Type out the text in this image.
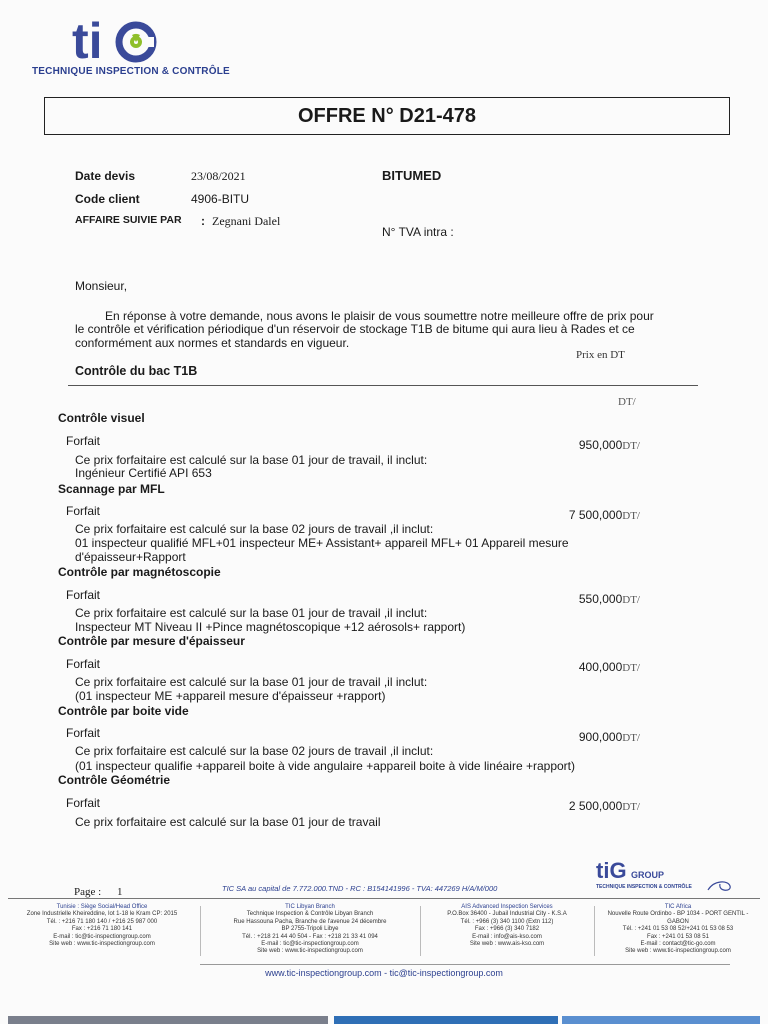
ti
TECHNIQUE INSPECTION & CONTRÔLE
OFFRE N° D21-478
Date devis	23/08/2021
Code client	4906-BITU
AFFAIRE SUIVIE PAR : Zegnani Dalel
BITUMED
N° TVA intra :
Monsieur,
En réponse à votre demande, nous avons le plaisir de vous soumettre notre meilleure offre de prix pour
le contrôle et vérification périodique d'un réservoir de stockage T1B de bitume qui aura lieu à Rades et ce
conformément aux normes et standards en vigueur.
Prix en DT
Contrôle du bac T1B
DT/
Contrôle visuel
Forfait	950,000DT/
Ce prix forfaitaire est calculé sur la base 01 jour de travail, il inclut:
Ingénieur Certifié API 653
Scannage par MFL
Forfait	7 500,000DT/
Ce prix forfaitaire est calculé sur la base 02 jours de travail ,il inclut:
01 inspecteur qualifié MFL+01 inspecteur ME+ Assistant+ appareil MFL+ 01 Appareil mesure
d'épaisseur+Rapport
Contrôle par magnétoscopie
Forfait	550,000DT/
Ce prix forfaitaire est calculé sur la base 01 jour de travail ,il inclut:
Inspecteur MT Niveau II +Pince magnétoscopique +12 aérosols+ rapport)
Contrôle par mesure d'épaisseur
Forfait	400,000DT/
Ce prix forfaitaire est calculé sur la base 01 jour de travail ,il inclut:
(01 inspecteur ME +appareil mesure d'épaisseur +rapport)
Contrôle par boite vide
Forfait	900,000DT/
Ce prix forfaitaire est calculé sur la base 02 jours de travail ,il inclut:
(01 inspecteur qualifie +appareil boite à vide angulaire +appareil boite à vide linéaire +rapport)
Contrôle Géométrie
Forfait	2 500,000DT/
Ce prix forfaitaire est calculé sur la base 01 jour de travail
Page : 1	TIC SA au capital de 7.772.000.TND - RC : B154141996 - TVA: 447269 H/A/M/000
tiG GROUP
TECHNIQUE INSPECTION & CONTRÔLE
Tunisie : Siège Social/Head Office
Zone Industrielle Kheireddine, lot 1-18 le Kram CP: 2015
Tél. : +216 71 180 140 / +216 25 987 000
Fax : +216 71 180 141
E-mail : tic@tic-inspectiongroup.com
Site web : www.tic-inspectiongroup.com
TIC Libyan Branch
Technique Inspection & Contrôle Libyan Branch
Rue Hassouna Pacha, Branche de l'avenue 24 décembre
BP 2755-Tripoli Libye
Tél. : +218 21 44 40 504 - Fax : +218 21 33 41 094
E-mail : tic@tic-inspectiongroup.com
Site web : www.tic-inspectiongroup.com
AIS Advanced Inspection Services
P.O.Box 36400 - Jubail Industrial City - K.S.A
Tél. : +966 (3) 340 1100 (Extn 112)
Fax : +966 (3) 340 7182
E-mail : info@ais-kso.com
Site web : www.ais-kso.com
TIC Africa
Nouvelle Route Ordinbo - BP 1034 - PORT GENTIL - GABON
Tél. : +241 01 53 08 52/+241 01 53 08 53
Fax : +241 01 53 08 51
E-mail : contact@tic-go.com
Site web : www.tic-inspectiongroup.com
www.tic-inspectiongroup.com - tic@tic-inspectiongroup.com
